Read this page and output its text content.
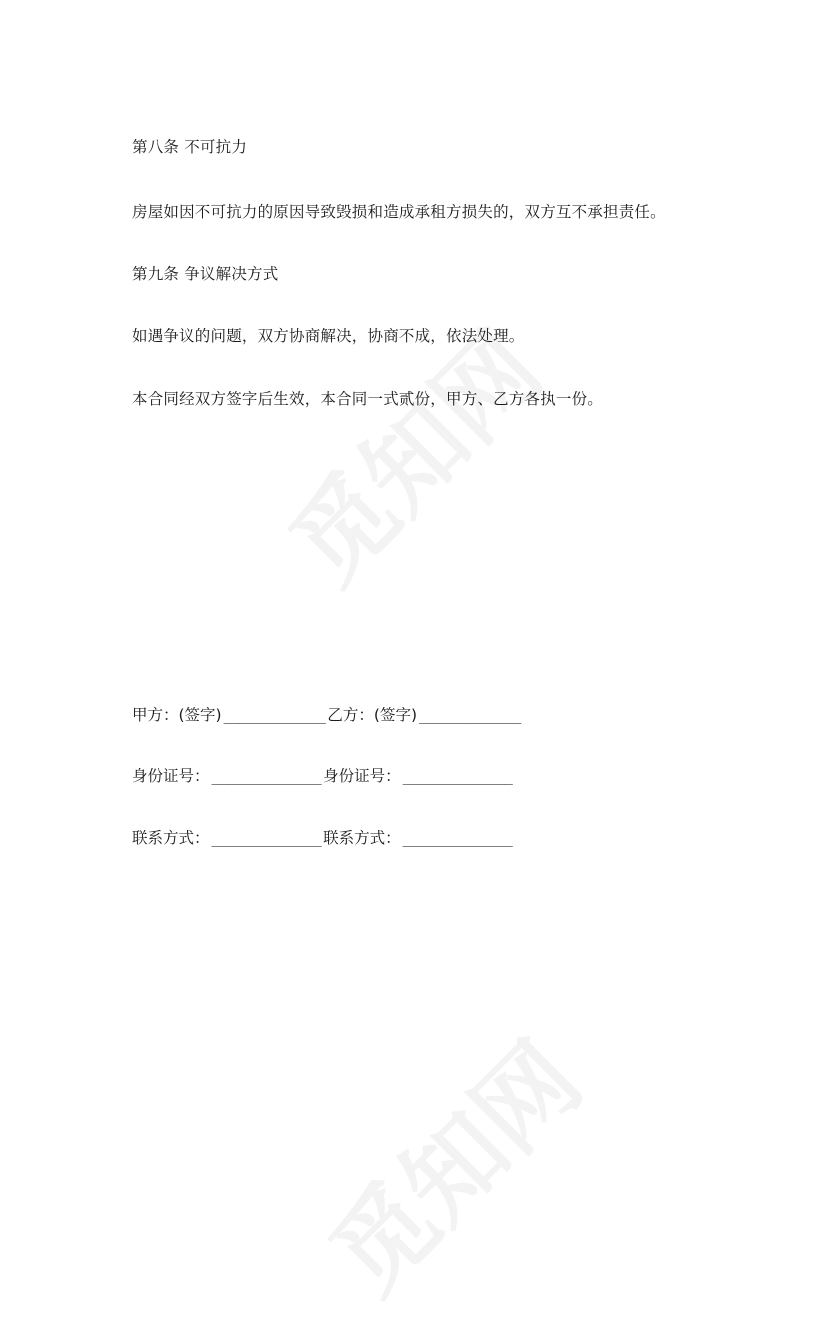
第八条 不可抗力
房屋如因不可抗力的原因导致毁损和造成承租方损失的，双方互不承担责任。
第九条 争议解决方式
如遇争议的问题，双方协商解决，协商不成，依法处理。
本合同经双方签字后生效，本合同一式贰份，甲方、乙方各执一份。
甲方：(签字) _____________ 乙方：(签字) _____________
身份证号： ______________ 身份证号： ______________
联系方式： ______________ 联系方式： ______________
